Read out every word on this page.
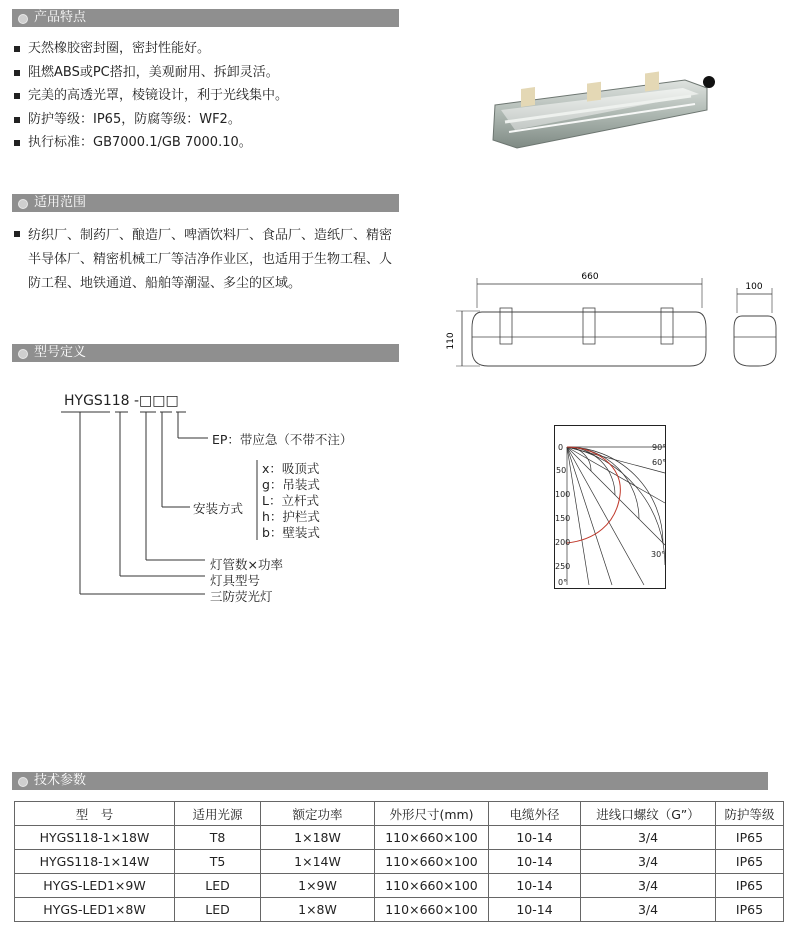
产品特点
适用范围
型号定义
技术参数
天然橡胶密封圈，密封性能好。
阻燃ABS或PC搭扣，美观耐用、拆卸灵活。
完美的高透光罩，棱镜设计，利于光线集中。
防护等级：IP65，防腐等级：WF2。
执行标准：GB7000.1/GB 7000.10。
纺织厂、制药厂、酿造厂、啤酒饮料厂、食品厂、造纸厂、精密
半导体厂、精密机械工厂等洁净作业区，也适用于生物工程、人
防工程、地铁通道、船舶等潮湿、多尘的区域。	660
100
110
HYGS118 -□□□
EP：带应急（不带不注）
安装方式
x：吸顶式
g：吊装式
L：立杆式
h：护栏式
b：壁装式
灯管数×功率
灯具型号
三防荧光灯
0
50
100
150
200
250
0°
90°
60°
30°
型　号	适用光源	额定功率	外形尺寸(mm)	电缆外径	进线口螺纹（G”）	防护等级
HYGS118-1×18W	T8	1×18W	110×660×100	10-14	3/4	IP65
HYGS118-1×14W	T5	1×14W	110×660×100	10-14	3/4	IP65
HYGS-LED1×9W	LED	1×9W	110×660×100	10-14	3/4	IP65
HYGS-LED1×8W	LED	1×8W	110×660×100	10-14	3/4	IP65
